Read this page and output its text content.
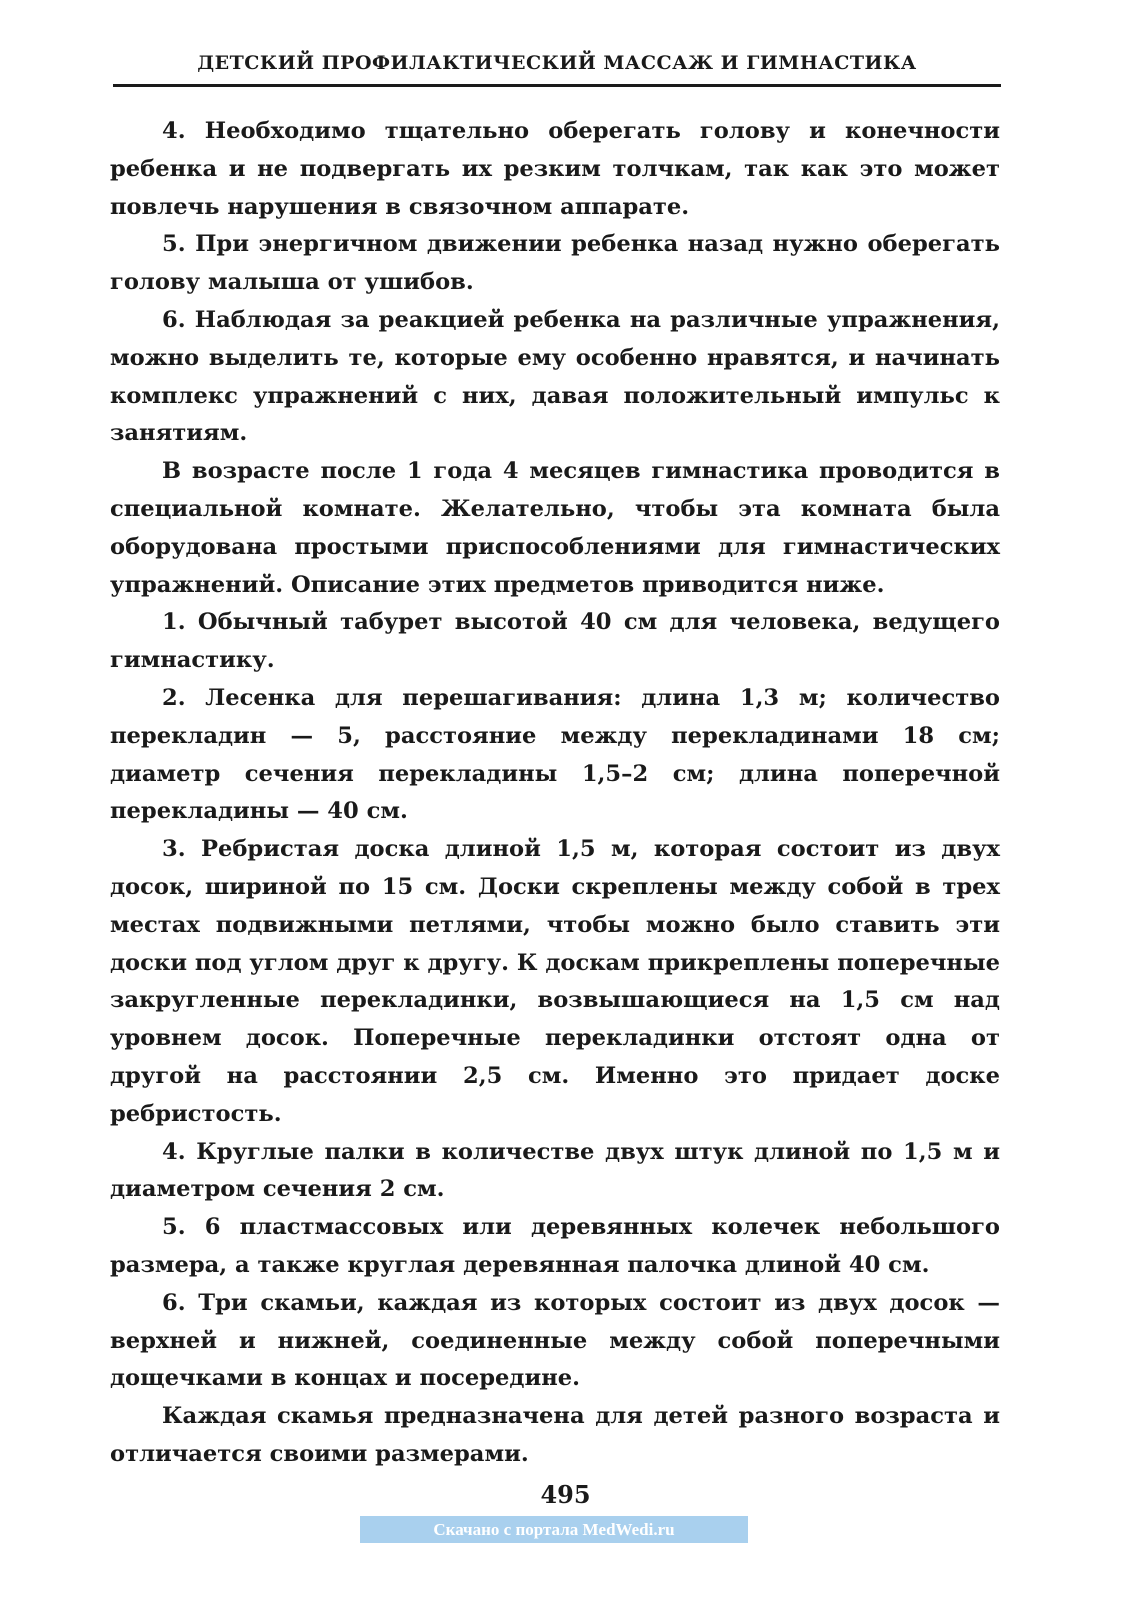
ДЕТСКИЙ ПРОФИЛАКТИЧЕСКИЙ МАССАЖ И ГИМНАСТИКА

4. Необходимо тщательно оберегать голову и конечности ребенка и не подвергать их резким толчкам, так как это может повлечь нарушения в связочном аппарате.

5. При энергичном движении ребенка назад нужно оберегать голову малыша от ушибов.

6. Наблюдая за реакцией ребенка на различные упражнения, можно выделить те, которые ему особенно нравятся, и начинать комплекс упражнений с них, давая положительный импульс к занятиям.

В возрасте после 1 года 4 месяцев гимнастика проводится в специальной комнате. Желательно, чтобы эта комната была оборудована простыми приспособлениями для гимнастических упражнений. Описание этих предметов приводится ниже.

1. Обычный табурет высотой 40 см для человека, ведущего гимнастику.

2. Лесенка для перешагивания: длина 1,3 м; количество перекладин — 5, расстояние между перекладинами 18 см; диаметр сечения перекладины 1,5–2 см; длина поперечной перекладины — 40 см.

3. Ребристая доска длиной 1,5 м, которая состоит из двух досок, шириной по 15 см. Доски скреплены между собой в трех местах подвижными петлями, чтобы можно было ставить эти доски под углом друг к другу. К доскам прикреплены поперечные закругленные перекладинки, возвышающиеся на 1,5 см над уровнем досок. Поперечные перекладинки отстоят одна от другой на расстоянии 2,5 см. Именно это придает доске ребристость.

4. Круглые палки в количестве двух штук длиной по 1,5 м и диаметром сечения 2 см.

5. 6 пластмассовых или деревянных колечек небольшого размера, а также круглая деревянная палочка длиной 40 см.

6. Три скамьи, каждая из которых состоит из двух досок — верхней и нижней, соединенные между собой поперечными дощечками в концах и посередине.

Каждая скамья предназначена для детей разного возраста и отличается своими размерами.

495
Скачано с портала MedWedi.ru
